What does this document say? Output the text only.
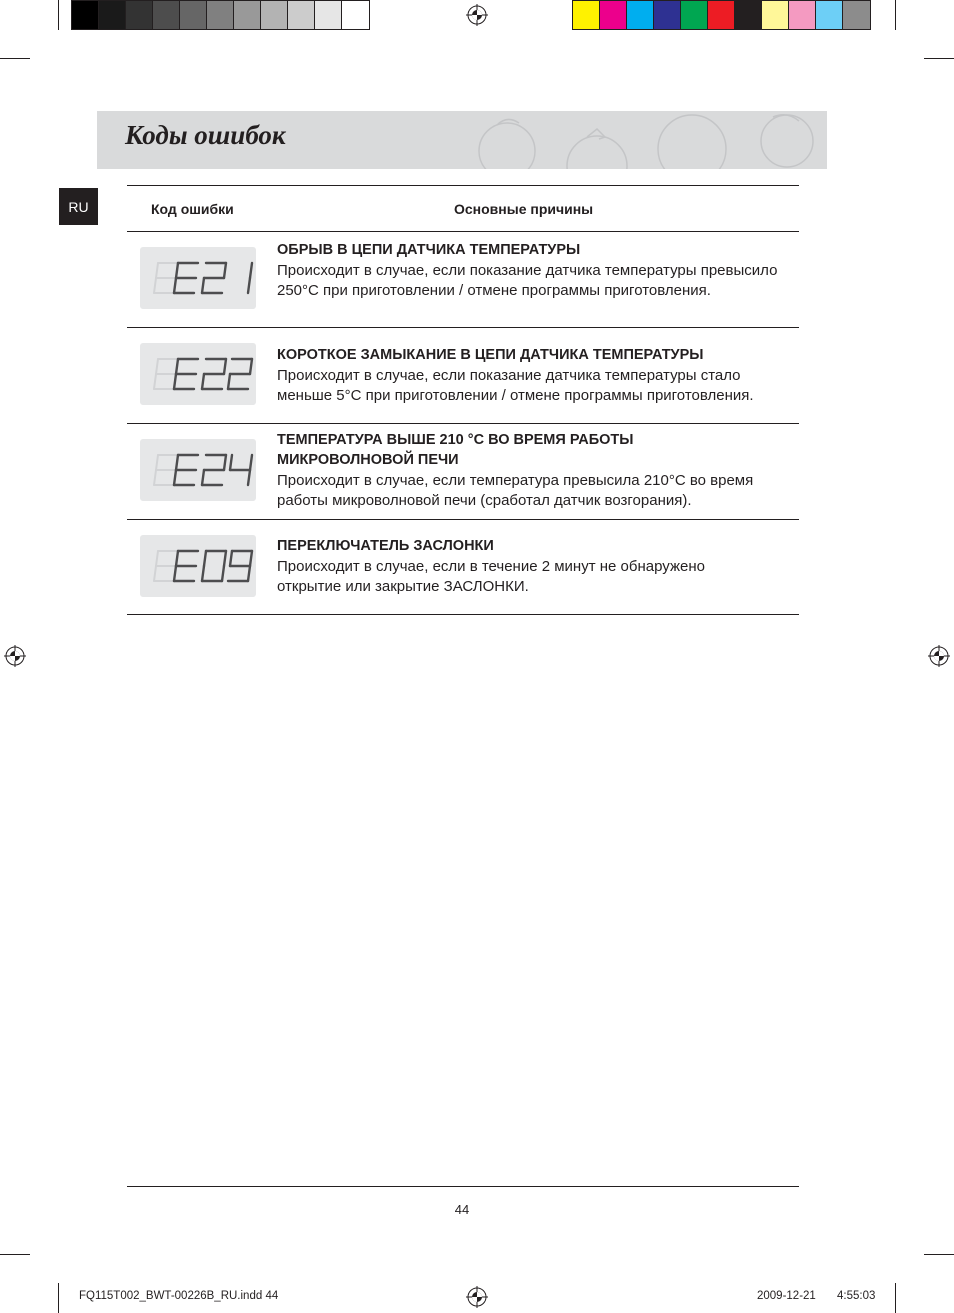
Коды ошибок
RU	Код ошибки	Основные причины
ОБРЫВ В ЦЕПИ ДАТЧИКА ТЕМПЕРАТУРЫ
Происходит в случае, если показание датчика температуры превысило 250°C при приготовлении / отмене программы приготовления.
КОРОТКОЕ ЗАМЫКАНИЕ В ЦЕПИ ДАТЧИКА ТЕМПЕРАТУРЫ
Происходит в случае, если показание датчика температуры стало меньше 5°C при приготовлении / отмене программы приготовления.
ТЕМПЕРАТУРА ВЫШЕ 210 °C ВО ВРЕМЯ РАБОТЫ МИКРОВОЛНОВОЙ ПЕЧИ
Происходит в случае, если температура превысила 210°C во время работы микроволновой печи (сработал датчик возгорания).
ПЕРЕКЛЮЧАТЕЛЬ ЗАСЛОНКИ
Происходит в случае, если в течение 2 минут не обнаружено открытие или закрытие ЗАСЛОНКИ.
44
FQ115T002_BWT-00226B_RU.indd 44	2009-12-21 4:55:03
